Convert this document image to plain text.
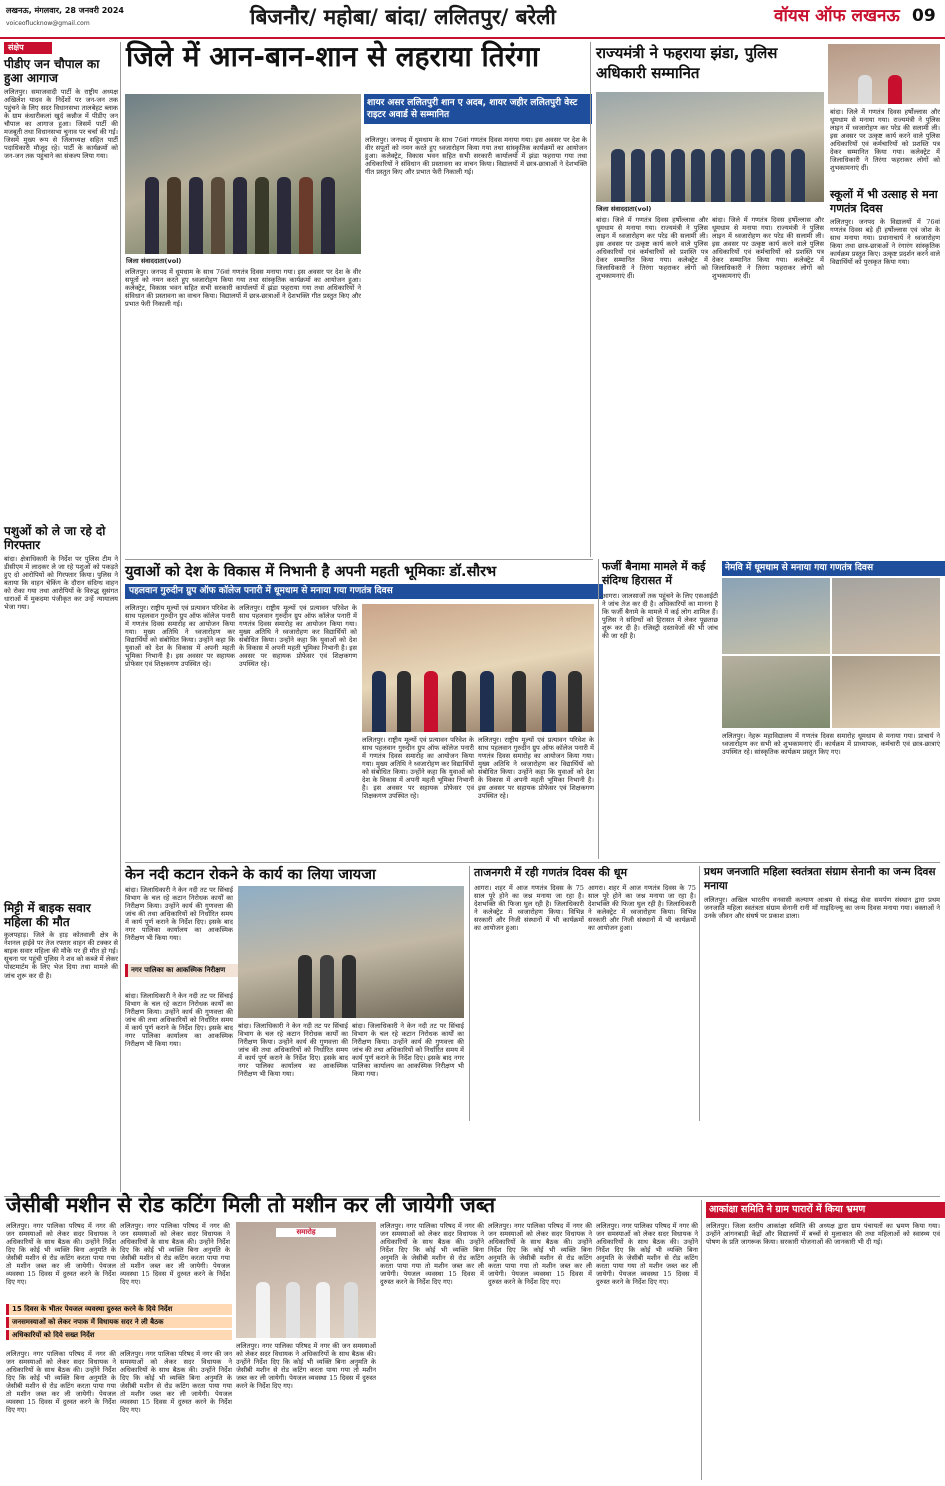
लखनऊ, मंगलवार, 28 जनवरी 2024
voiceoflucknow@gmail.com	बिजनौर/ महोबा/ बांदा/ ललितपुर/ बरेली	वॉयस ऑफ लखनऊ 09
संक्षेप
पीडीए जन चौपाल का हुआ आगाज
ललितपुर। समाजवादी पार्टी के राष्ट्रीय अध्यक्ष अखिलेश यादव के निर्देशों पर जन-जन तक पहुंचने के लिए सदर विधानसभा तालबेहट ब्लाक के ग्राम कंधारीकलां खुर्द कन्नौज में पीडीए जन चौपाल का आगाज हुआ। जिसमें पार्टी की मजबूती तथा विधानसभा चुनाव पर चर्चा की गई। जिसमें मुख्य रूप से जिलाध्यक्ष सहित पार्टी पदाधिकारी मौजूद रहे। पार्टी के कार्यक्रमों को जन-जन तक पहुंचाने का संकल्प लिया गया।
पशुओं को ले जा रहे दो गिरफ्तार
बांदा। क्षेत्राधिकारी के निर्देश पर पुलिस टीम ने डीसीएम में लादकर ले जा रहे पशुओं को पकड़ते हुए दो आरोपियों को गिरफ्तार किया। पुलिस ने बताया कि वाहन चेकिंग के दौरान संदिग्ध वाहन को रोका गया तथा आरोपियों के विरुद्ध सुसंगत धाराओं में मुकदमा पंजीकृत कर उन्हें न्यायालय भेजा गया।
मिट्टी में बाइक सवार महिला की मौत
कुलपहाड़। जिले के हाड़ कोतवाली क्षेत्र के नेशनल हाईवे पर तेज रफ्तार वाहन की टक्कर से बाइक सवार महिला की मौके पर ही मौत हो गई। सूचना पर पहुंची पुलिस ने शव को कब्जे में लेकर पोस्टमार्टम के लिए भेज दिया तथा मामले की जांच शुरू कर दी है।
जिले में आन-बान-शान से लहराया तिरंगा
जिला संवाददाता(vol)
ललितपुर। जनपद में धूमधाम के साथ 76वां गणतंत्र दिवस मनाया गया। इस अवसर पर देश के वीर सपूतों को नमन करते हुए ध्वजारोहण किया गया तथा सांस्कृतिक कार्यक्रमों का आयोजन हुआ। कलेक्ट्रेट, विकास भवन सहित सभी सरकारी कार्यालयों में झंडा फहराया गया तथा अधिकारियों ने संविधान की प्रस्तावना का वाचन किया। विद्यालयों में छात्र-छात्राओं ने देशभक्ति गीत प्रस्तुत किए और प्रभात फेरी निकाली गई।
शायर असर ललितपुरी शान ए अदब, शायर जहीर ललितपुरी वेस्ट राइटर अवार्ड से सम्मानित
ललितपुर। जनपद में धूमधाम के साथ 76वां गणतंत्र दिवस मनाया गया। इस अवसर पर देश के वीर सपूतों को नमन करते हुए ध्वजारोहण किया गया तथा सांस्कृतिक कार्यक्रमों का आयोजन हुआ। कलेक्ट्रेट, विकास भवन सहित सभी सरकारी कार्यालयों में झंडा फहराया गया तथा अधिकारियों ने संविधान की प्रस्तावना का वाचन किया। विद्यालयों में छात्र-छात्राओं ने देशभक्ति गीत प्रस्तुत किए और प्रभात फेरी निकाली गई।
राज्यमंत्री ने फहराया झंडा, पुलिस अधिकारी सम्मानित
जिला संवाददाता(vol)
बांदा। जिले में गणतंत्र दिवस हर्षोल्लास और धूमधाम से मनाया गया। राज्यमंत्री ने पुलिस लाइन में ध्वजारोहण कर परेड की सलामी ली। इस अवसर पर उत्कृष्ट कार्य करने वाले पुलिस अधिकारियों एवं कर्मचारियों को प्रशस्ति पत्र देकर सम्मानित किया गया। कलेक्ट्रेट में जिलाधिकारी ने तिरंगा फहराकर लोगों को शुभकामनाएं दीं।
बांदा। जिले में गणतंत्र दिवस हर्षोल्लास और धूमधाम से मनाया गया। राज्यमंत्री ने पुलिस लाइन में ध्वजारोहण कर परेड की सलामी ली। इस अवसर पर उत्कृष्ट कार्य करने वाले पुलिस अधिकारियों एवं कर्मचारियों को प्रशस्ति पत्र देकर सम्मानित किया गया। कलेक्ट्रेट में जिलाधिकारी ने तिरंगा फहराकर लोगों को शुभकामनाएं दीं।
बांदा। जिले में गणतंत्र दिवस हर्षोल्लास और धूमधाम से मनाया गया। राज्यमंत्री ने पुलिस लाइन में ध्वजारोहण कर परेड की सलामी ली। इस अवसर पर उत्कृष्ट कार्य करने वाले पुलिस अधिकारियों एवं कर्मचारियों को प्रशस्ति पत्र देकर सम्मानित किया गया। कलेक्ट्रेट में जिलाधिकारी ने तिरंगा फहराकर लोगों को शुभकामनाएं दीं।
स्कूलों में भी उत्साह से मना गणतंत्र दिवस
ललितपुर। जनपद के विद्यालयों में 76वां गणतंत्र दिवस बड़े ही हर्षोल्लास एवं जोश के साथ मनाया गया। प्रधानाचार्य ने ध्वजारोहण किया तथा छात्र-छात्राओं ने रंगारंग सांस्कृतिक कार्यक्रम प्रस्तुत किए। उत्कृष्ट प्रदर्शन करने वाले विद्यार्थियों को पुरस्कृत किया गया।
युवाओं को देश के विकास में निभानी है अपनी महती भूमिकाः डॉ.सौरभ
पहलवान गुरुदीन ग्रुप ऑफ कॉलेज पनारी में धूमधाम से मनाया गया गणतंत्र दिवस
ललितपुर। राष्ट्रीय मूल्यों एवं प्रत्यावन परिवेश के साथ पहलवान गुरुदीन ग्रुप ऑफ कॉलेज पनारी में गणतंत्र दिवस समारोह का आयोजन किया गया। मुख्य अतिथि ने ध्वजारोहण कर विद्यार्थियों को संबोधित किया। उन्होंने कहा कि युवाओं को देश के विकास में अपनी महती भूमिका निभानी है। इस अवसर पर सहायक प्रोफेसर एवं शिक्षकगण उपस्थित रहे।
ललितपुर। राष्ट्रीय मूल्यों एवं प्रत्यावन परिवेश के साथ पहलवान गुरुदीन ग्रुप ऑफ कॉलेज पनारी में गणतंत्र दिवस समारोह का आयोजन किया गया। मुख्य अतिथि ने ध्वजारोहण कर विद्यार्थियों को संबोधित किया। उन्होंने कहा कि युवाओं को देश के विकास में अपनी महती भूमिका निभानी है। इस अवसर पर सहायक प्रोफेसर एवं शिक्षकगण उपस्थित रहे।
ललितपुर। राष्ट्रीय मूल्यों एवं प्रत्यावन परिवेश के साथ पहलवान गुरुदीन ग्रुप ऑफ कॉलेज पनारी में गणतंत्र दिवस समारोह का आयोजन किया गया। मुख्य अतिथि ने ध्वजारोहण कर विद्यार्थियों को संबोधित किया। उन्होंने कहा कि युवाओं को देश के विकास में अपनी महती भूमिका निभानी है। इस अवसर पर सहायक प्रोफेसर एवं शिक्षकगण उपस्थित रहे।
ललितपुर। राष्ट्रीय मूल्यों एवं प्रत्यावन परिवेश के साथ पहलवान गुरुदीन ग्रुप ऑफ कॉलेज पनारी में गणतंत्र दिवस समारोह का आयोजन किया गया। मुख्य अतिथि ने ध्वजारोहण कर विद्यार्थियों को संबोधित किया। उन्होंने कहा कि युवाओं को देश के विकास में अपनी महती भूमिका निभानी है। इस अवसर पर सहायक प्रोफेसर एवं शिक्षकगण उपस्थित रहे।
फर्जी बैनामा मामले में कई संदिग्ध हिरासत में
आगरा। जालसाजों तक पहुंचने के लिए एसआईटी ने जांच तेज कर दी है। अधिकारियों का मानना है कि फर्जी बैनामे के मामले में कई लोग शामिल हैं। पुलिस ने संदिग्धों को हिरासत में लेकर पूछताछ शुरू कर दी है। रजिस्ट्री दस्तावेजों की भी जांच की जा रही है।
नेमवि में धूमधाम से मनाया गया गणतंत्र दिवस
ललितपुर। नेहरू महाविद्यालय में गणतंत्र दिवस समारोह धूमधाम से मनाया गया। प्राचार्य ने ध्वजारोहण कर सभी को शुभकामनाएं दीं। कार्यक्रम में प्राध्यापक, कर्मचारी एवं छात्र-छात्राएं उपस्थित रहे। सांस्कृतिक कार्यक्रम प्रस्तुत किए गए।
केन नदी कटान रोकने के कार्य का लिया जायजा
बांदा। जिलाधिकारी ने केन नदी तट पर सिंचाई विभाग के चल रहे कटान निरोधक कार्यों का निरीक्षण किया। उन्होंने कार्य की गुणवत्ता की जांच की तथा अधिकारियों को निर्धारित समय में कार्य पूर्ण कराने के निर्देश दिए। इसके बाद नगर पालिका कार्यालय का आकस्मिक निरीक्षण भी किया गया।
नगर पालिका का आकस्मिक निरीक्षण
बांदा। जिलाधिकारी ने केन नदी तट पर सिंचाई विभाग के चल रहे कटान निरोधक कार्यों का निरीक्षण किया। उन्होंने कार्य की गुणवत्ता की जांच की तथा अधिकारियों को निर्धारित समय में कार्य पूर्ण कराने के निर्देश दिए। इसके बाद नगर पालिका कार्यालय का आकस्मिक निरीक्षण भी किया गया।
बांदा। जिलाधिकारी ने केन नदी तट पर सिंचाई विभाग के चल रहे कटान निरोधक कार्यों का निरीक्षण किया। उन्होंने कार्य की गुणवत्ता की जांच की तथा अधिकारियों को निर्धारित समय में कार्य पूर्ण कराने के निर्देश दिए। इसके बाद नगर पालिका कार्यालय का आकस्मिक निरीक्षण भी किया गया।
बांदा। जिलाधिकारी ने केन नदी तट पर सिंचाई विभाग के चल रहे कटान निरोधक कार्यों का निरीक्षण किया। उन्होंने कार्य की गुणवत्ता की जांच की तथा अधिकारियों को निर्धारित समय में कार्य पूर्ण कराने के निर्देश दिए। इसके बाद नगर पालिका कार्यालय का आकस्मिक निरीक्षण भी किया गया।
ताजनगरी में रही गणतंत्र दिवस की धूम
आगरा। शहर में आज गणतंत्र दिवस के 75 साल पूरे होने का जश्न मनाया जा रहा है। देशभक्ति की फिजा घुल रही है। जिलाधिकारी ने कलेक्ट्रेट में ध्वजारोहण किया। विभिन्न सरकारी और निजी संस्थानों में भी कार्यक्रमों का आयोजन हुआ।
आगरा। शहर में आज गणतंत्र दिवस के 75 साल पूरे होने का जश्न मनाया जा रहा है। देशभक्ति की फिजा घुल रही है। जिलाधिकारी ने कलेक्ट्रेट में ध्वजारोहण किया। विभिन्न सरकारी और निजी संस्थानों में भी कार्यक्रमों का आयोजन हुआ।
प्रथम जनजाति महिला स्वतंत्रता संग्राम सेनानी का जन्म दिवस मनाया
ललितपुर। अखिल भारतीय वनवासी कल्याण आश्रम से संबद्ध सेवा समर्पण संस्थान द्वारा प्रथम जनजाति महिला स्वतंत्रता संग्राम सेनानी रानी माँ गाइदिन्ल्यू का जन्म दिवस मनाया गया। वक्ताओं ने उनके जीवन और संघर्ष पर प्रकाश डाला।
जेसीबी मशीन से रोड कटिंग मिली तो मशीन कर ली जायेगी जब्त
ललितपुर। नगर पालिका परिषद में नगर की जन समस्याओं को लेकर सदर विधायक ने अधिकारियों के साथ बैठक की। उन्होंने निर्देश दिए कि कोई भी व्यक्ति बिना अनुमति के जेसीबी मशीन से रोड कटिंग करता पाया गया तो मशीन जब्त कर ली जायेगी। पेयजल व्यवस्था 15 दिवस में दुरुस्त करने के निर्देश दिए गए।
ललितपुर। नगर पालिका परिषद में नगर की जन समस्याओं को लेकर सदर विधायक ने अधिकारियों के साथ बैठक की। उन्होंने निर्देश दिए कि कोई भी व्यक्ति बिना अनुमति के जेसीबी मशीन से रोड कटिंग करता पाया गया तो मशीन जब्त कर ली जायेगी। पेयजल व्यवस्था 15 दिवस में दुरुस्त करने के निर्देश दिए गए।
समारोह
15 दिवस के भीतर पेयजल व्यवस्था दुरुस्त करने के दिये निर्देश
जनसमस्याओं को लेकर नपाक में विधायक सदर ने ली बैठक
अधिकारियों को दिये सख्त निर्देश
ललितपुर। नगर पालिका परिषद में नगर की जन समस्याओं को लेकर सदर विधायक ने अधिकारियों के साथ बैठक की। उन्होंने निर्देश दिए कि कोई भी व्यक्ति बिना अनुमति के जेसीबी मशीन से रोड कटिंग करता पाया गया तो मशीन जब्त कर ली जायेगी। पेयजल व्यवस्था 15 दिवस में दुरुस्त करने के निर्देश दिए गए।
ललितपुर। नगर पालिका परिषद में नगर की जन समस्याओं को लेकर सदर विधायक ने अधिकारियों के साथ बैठक की। उन्होंने निर्देश दिए कि कोई भी व्यक्ति बिना अनुमति के जेसीबी मशीन से रोड कटिंग करता पाया गया तो मशीन जब्त कर ली जायेगी। पेयजल व्यवस्था 15 दिवस में दुरुस्त करने के निर्देश दिए गए।
ललितपुर। नगर पालिका परिषद में नगर की जन समस्याओं को लेकर सदर विधायक ने अधिकारियों के साथ बैठक की। उन्होंने निर्देश दिए कि कोई भी व्यक्ति बिना अनुमति के जेसीबी मशीन से रोड कटिंग करता पाया गया तो मशीन जब्त कर ली जायेगी। पेयजल व्यवस्था 15 दिवस में दुरुस्त करने के निर्देश दिए गए।
ललितपुर। नगर पालिका परिषद में नगर की जन समस्याओं को लेकर सदर विधायक ने अधिकारियों के साथ बैठक की। उन्होंने निर्देश दिए कि कोई भी व्यक्ति बिना अनुमति के जेसीबी मशीन से रोड कटिंग करता पाया गया तो मशीन जब्त कर ली जायेगी। पेयजल व्यवस्था 15 दिवस में दुरुस्त करने के निर्देश दिए गए।
ललितपुर। नगर पालिका परिषद में नगर की जन समस्याओं को लेकर सदर विधायक ने अधिकारियों के साथ बैठक की। उन्होंने निर्देश दिए कि कोई भी व्यक्ति बिना अनुमति के जेसीबी मशीन से रोड कटिंग करता पाया गया तो मशीन जब्त कर ली जायेगी। पेयजल व्यवस्था 15 दिवस में दुरुस्त करने के निर्देश दिए गए।
ललितपुर। नगर पालिका परिषद में नगर की जन समस्याओं को लेकर सदर विधायक ने अधिकारियों के साथ बैठक की। उन्होंने निर्देश दिए कि कोई भी व्यक्ति बिना अनुमति के जेसीबी मशीन से रोड कटिंग करता पाया गया तो मशीन जब्त कर ली जायेगी। पेयजल व्यवस्था 15 दिवस में दुरुस्त करने के निर्देश दिए गए।
आकांक्षा समिति ने ग्राम पारारों में किया भ्रमण
ललितपुर। जिला स्तरीय आकांक्षा समिति की अध्यक्ष द्वारा ग्राम पंचायतों का भ्रमण किया गया। उन्होंने आंगनबाड़ी केंद्रों और विद्यालयों में बच्चों से मुलाकात की तथा महिलाओं को स्वास्थ्य एवं पोषण के प्रति जागरूक किया। सरकारी योजनाओं की जानकारी भी दी गई।
